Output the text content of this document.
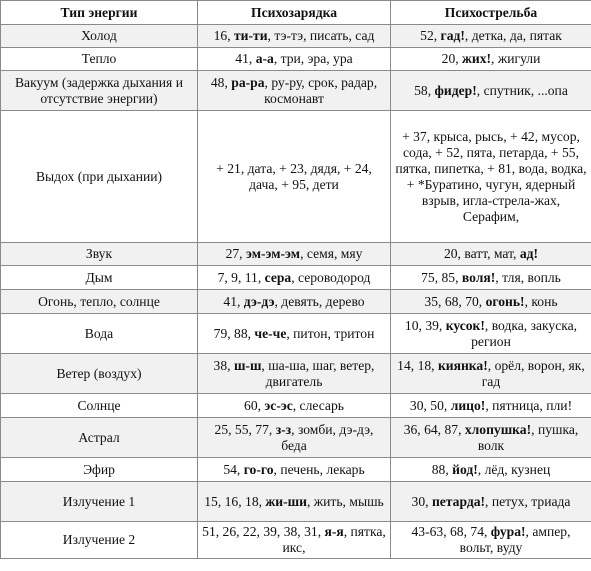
Тип энергии	Психозарядка	Психострельба
Холод	16, ти-ти, тэ-тэ, писать, сад	52, гад!, детка, да, пятак
Тепло	41, а-а, три, эра, ура	20, жих!, жигули
Вакуум (задержка дыхания и отсутствие энергии)	48, ра-ра, ру-ру, срок, радар, космонавт	58, фидер!, спутник, ...опа
Выдох (при дыхании)	+ 21, дата, + 23, дядя, + 24, дача, + 95, дети	+ 37, крыса, рысь, + 42, мусор, сода, + 52, пята, петарда, + 55, пятка, пипетка, + 81, вода, водка, + *Буратино, чугун, ядерный взрыв, игла-стрела-жах, Серафим,
Звук	27, эм-эм-эм, семя, мяу	20, ватт, мат, ад!
Дым	7, 9, 11, сера, сероводород	75, 85, воля!, тля, вопль
Огонь, тепло, солнце	41, дэ-дэ, девять, дерево	35, 68, 70, огонь!, конь
Вода	79, 88, че-че, питон, тритон	10, 39, кусок!, водка, закуска, регион
Ветер (воздух)	38, ш-ш, ша-ша, шаг, ветер, двигатель	14, 18, киянка!, орёл, ворон, як, гад
Солнце	60, эс-эс, слесарь	30, 50, лицо!, пятница, пли!
Астрал	25, 55, 77, з-з, зомби, дэ-дэ, беда	36, 64, 87, хлопушка!, пушка, волк
Эфир	54, го-го, печень, лекарь	88, йод!, лёд, кузнец
Излучение 1	15, 16, 18, жи-ши, жить, мышь	30, петарда!, петух, триада
Излучение 2	51, 26, 22, 39, 38, 31, я-я, пятка, икс,	43-63, 68, 74, фура!, ампер, вольт, вуду
